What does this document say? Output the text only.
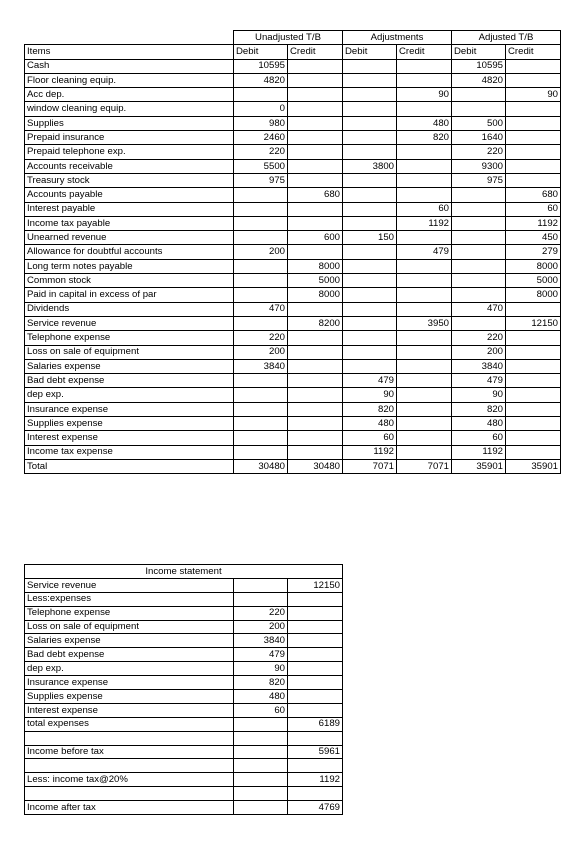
	Unadjusted T/B		Adjustments		Adjusted T/B	
Items	Debit	Credit	Debit	Credit	Debit	Credit
Cash	10595				10595	
Floor cleaning equip.	4820				4820	
Acc dep.				90		90
window cleaning equip.	0					
Supplies	980			480	500	
Prepaid insurance	2460			820	1640	
Prepaid telephone exp.	220				220	
Accounts receivable	5500		3800		9300	
Treasury stock	975				975	
Accounts payable		680				680
Interest payable				60		60
Income tax payable				1192		1192
Unearned revenue		600	150			450
Allowance for doubtful accounts	200			479		279
Long term notes payable		8000				8000
Common stock		5000				5000
Paid in capital in excess of par		8000				8000
Dividends	470				470	
Service revenue		8200		3950		12150
Telephone expense	220				220	
Loss on sale of equipment	200				200	
Salaries expense	3840				3840	
Bad debt expense			479		479	
dep exp.			90		90	
Insurance expense			820		820	
Supplies expense			480		480	
Interest expense			60		60	
Income tax expense			1192		1192	
Total	30480	30480	7071	7071	35901	35901
Income statement		
Service revenue		12150
Less:expenses		
Telephone expense	220	
Loss on sale of equipment	200	
Salaries expense	3840	
Bad debt expense	479	
dep exp.	90	
Insurance expense	820	
Supplies expense	480	
Interest expense	60	
total expenses		6189

Income before tax		5961

Less: income tax@20%		1192

Income after tax		4769
